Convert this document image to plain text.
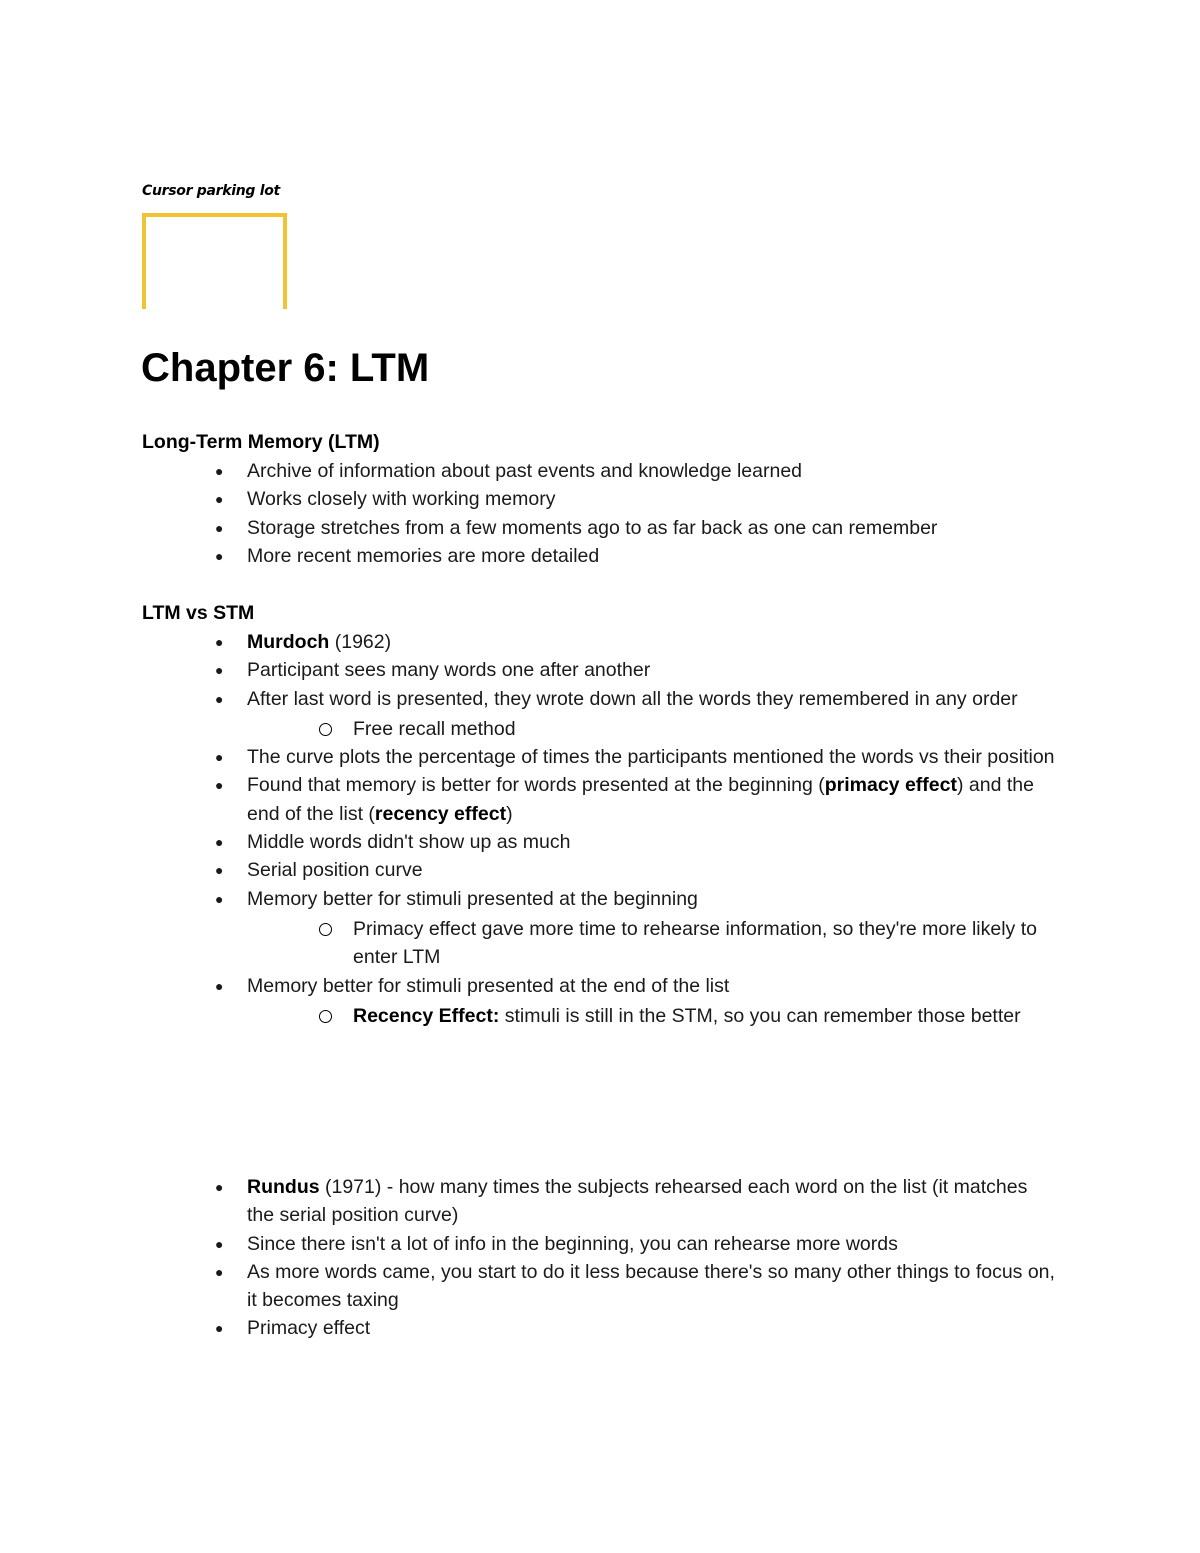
Cursor parking lot
Chapter 6: LTM
Long-Term Memory (LTM)
● Archive of information about past events and knowledge learned
● Works closely with working memory
● Storage stretches from a few moments ago to as far back as one can remember
● More recent memories are more detailed
LTM vs STM
● Murdoch (1962)
● Participant sees many words one after another
● After last word is presented, they wrote down all the words they remembered in any order
Free recall method
● The curve plots the percentage of times the participants mentioned the words vs their position
● Found that memory is better for words presented at the beginning (primacy effect) and the end of the list (recency effect)
● Middle words didn't show up as much
● Serial position curve
● Memory better for stimuli presented at the beginning
Primacy effect gave more time to rehearse information, so they're more likely to enter LTM
● Memory better for stimuli presented at the end of the list
Recency Effect: stimuli is still in the STM, so you can remember those better
● Rundus (1971) - how many times the subjects rehearsed each word on the list (it matches the serial position curve)
● Since there isn't a lot of info in the beginning, you can rehearse more words
● As more words came, you start to do it less because there's so many other things to focus on, it becomes taxing
● Primacy effect
